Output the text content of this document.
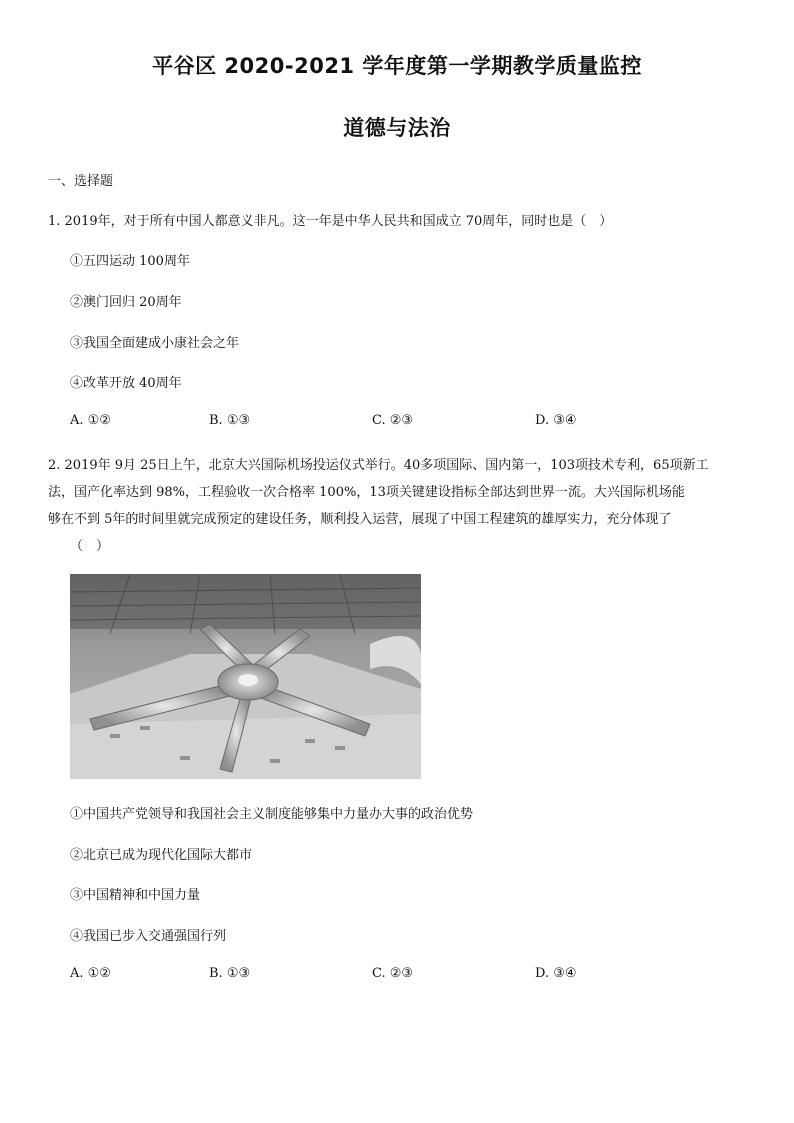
平谷区 2020-2021 学年度第一学期教学质量监控
道德与法治
一、选择题
1. 2019年，对于所有中国人都意义非凡。这一年是中华人民共和国成立 70周年，同时也是（　）
①五四运动 100周年
②澳门回归 20周年
③我国全面建成小康社会之年
④改革开放 40周年
A. ①②	B. ①③	C. ②③	D. ③④
2. 2019年 9月 25日上午，北京大兴国际机场投运仪式举行。40多项国际、国内第一，103项技术专利，65项新工
法，国产化率达到 98%，工程验收一次合格率 100%，13项关键建设指标全部达到世界一流。大兴国际机场能
够在不到 5年的时间里就完成预定的建设任务，顺利投入运营，展现了中国工程建筑的雄厚实力，充分体现了
（　）
①中国共产党领导和我国社会主义制度能够集中力量办大事的政治优势
②北京已成为现代化国际大都市
③中国精神和中国力量
④我国已步入交通强国行列
A. ①②	B. ①③	C. ②③	D. ③④
